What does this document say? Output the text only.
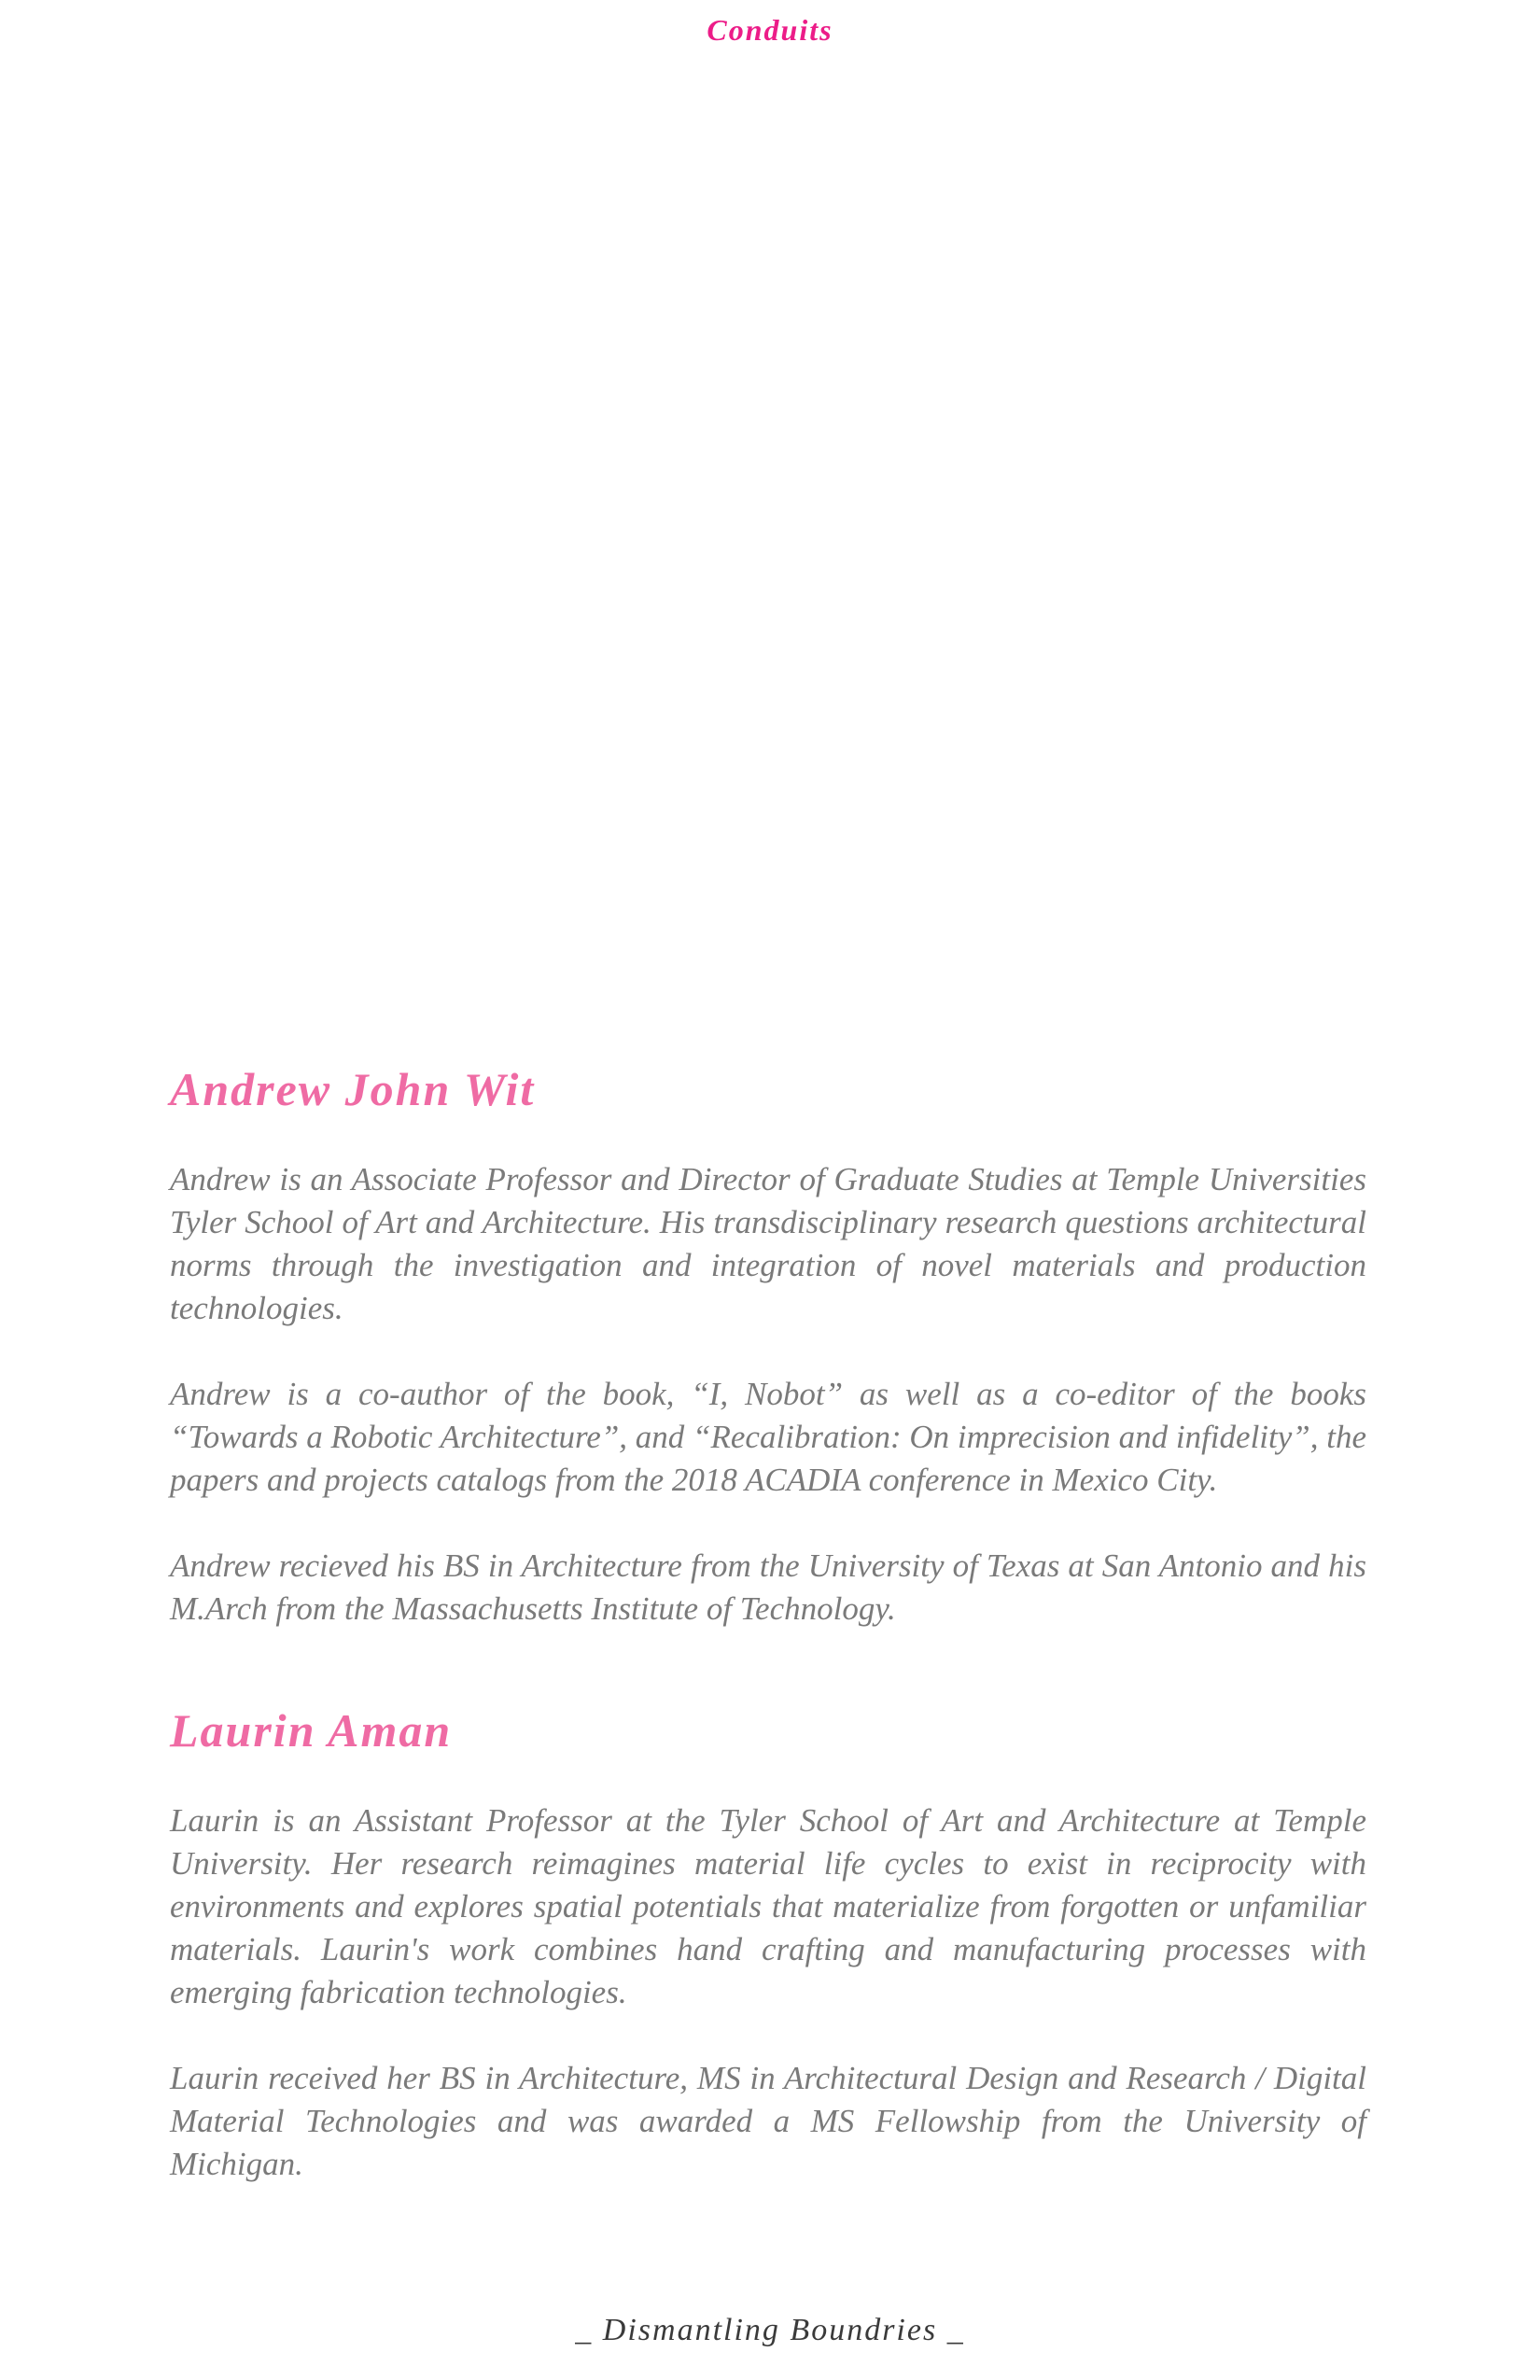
Conduits
Andrew John Wit

Andrew is an Associate Professor and Director of Graduate Studies at Temple Universities Tyler School of Art and Architecture. His transdisciplinary research questions architectural norms through the investigation and integration of novel materials and production technologies.

Andrew is a co-author of the book, “I, Nobot” as well as a co-editor of the books “Towards a Robotic Architecture”, and “Recalibration: On imprecision and infidelity”, the papers and projects catalogs from the 2018 ACADIA conference in Mexico City.

Andrew recieved his BS in Architecture from the University of Texas at San Antonio and his M.Arch from the Massachusetts Institute of Technology.

Laurin Aman

Laurin is an Assistant Professor at the Tyler School of Art and Architecture at Temple University. Her research reimagines material life cycles to exist in reciprocity with environments and explores spatial potentials that materialize from forgotten or unfamiliar materials. Laurin's work combines hand crafting and manufacturing processes with emerging fabrication technologies.

Laurin received her BS in Architecture, MS in Architectural Design and Research / Digital Material Technologies and was awarded a MS Fellowship from the University of Michigan.

_ Dismantling Boundries _
